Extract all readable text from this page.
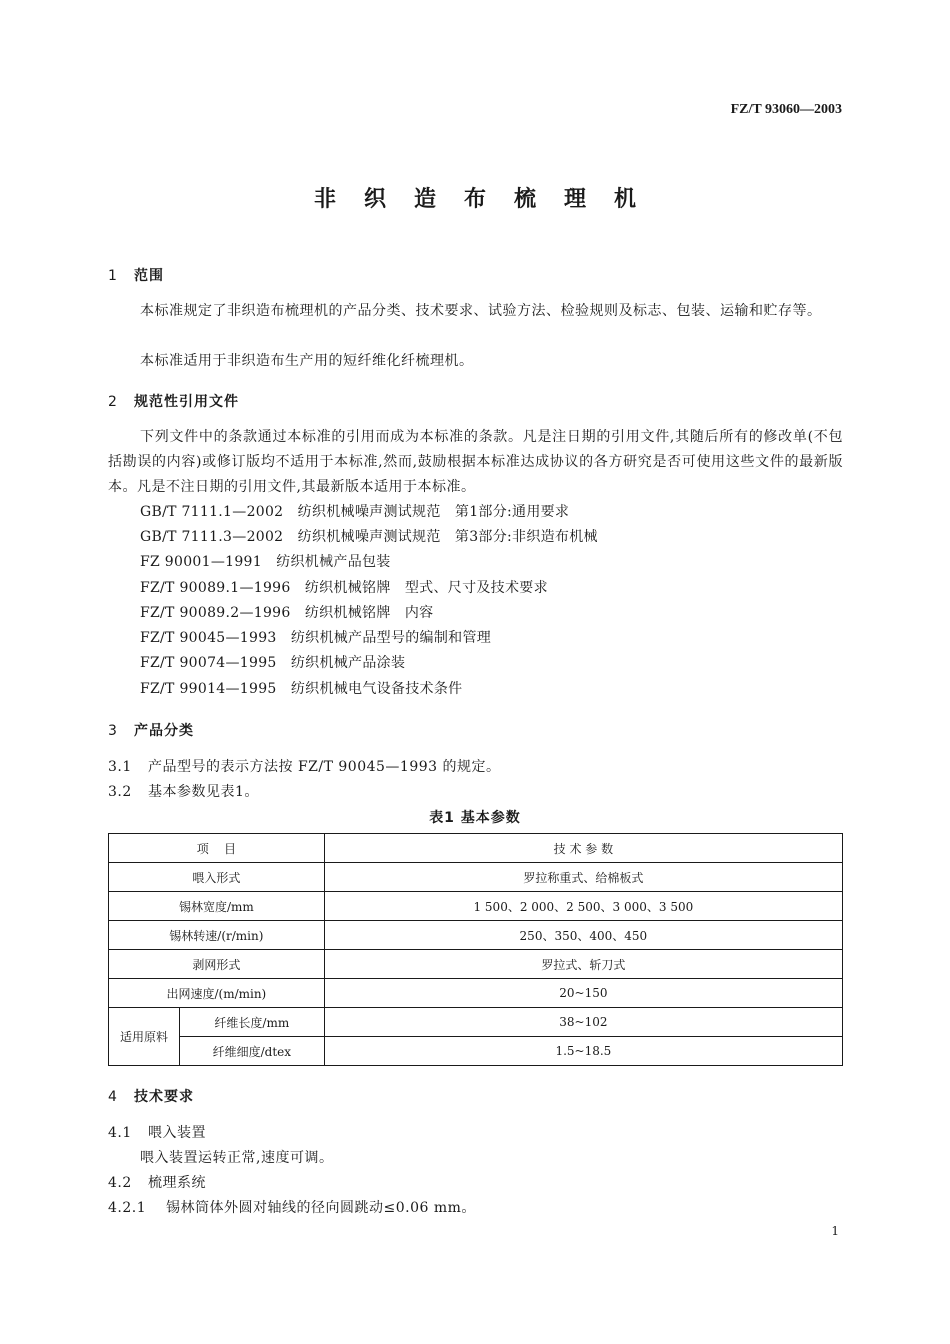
FZ/T 93060—2003
非织造布梳理机
1 范围
本标准规定了非织造布梳理机的产品分类、技术要求、试验方法、检验规则及标志、包装、运输和贮存等。
本标准适用于非织造布生产用的短纤维化纤梳理机。
2 规范性引用文件
下列文件中的条款通过本标准的引用而成为本标准的条款。凡是注日期的引用文件,其随后所有的修改单(不包括勘误的内容)或修订版均不适用于本标准,然而,鼓励根据本标准达成协议的各方研究是否可使用这些文件的最新版本。凡是不注日期的引用文件,其最新版本适用于本标准。
GB/T 7111.1—2002   纺织机械噪声测试规范   第1部分:通用要求
GB/T 7111.3—2002   纺织机械噪声测试规范   第3部分:非织造布机械
FZ 90001—1991   纺织机械产品包装
FZ/T 90089.1—1996   纺织机械铭牌   型式、尺寸及技术要求
FZ/T 90089.2—1996   纺织机械铭牌   内容
FZ/T 90045—1993   纺织机械产品型号的编制和管理
FZ/T 90074—1995   纺织机械产品涂装
FZ/T 99014—1995   纺织机械电气设备技术条件
3 产品分类
3.1 产品型号的表示方法按 FZ/T 90045—1993 的规定。
3.2 基本参数见表1。
表1 基本参数
项    目		技 术 参 数
喂入形式		罗拉称重式、给棉板式
锡林宽度/mm		1 500、2 000、2 500、3 000、3 500
锡林转速/(r/min)		250、350、400、450
剥网形式		罗拉式、斩刀式
出网速度/(m/min)		20~150
适用原料	纤维长度/mm	38~102
	纤维细度/dtex	1.5~18.5
4 技术要求
4.1 喂入装置
喂入装置运转正常,速度可调。
4.2 梳理系统
4.2.1 锡林筒体外圆对轴线的径向圆跳动≤0.06 mm。
1
